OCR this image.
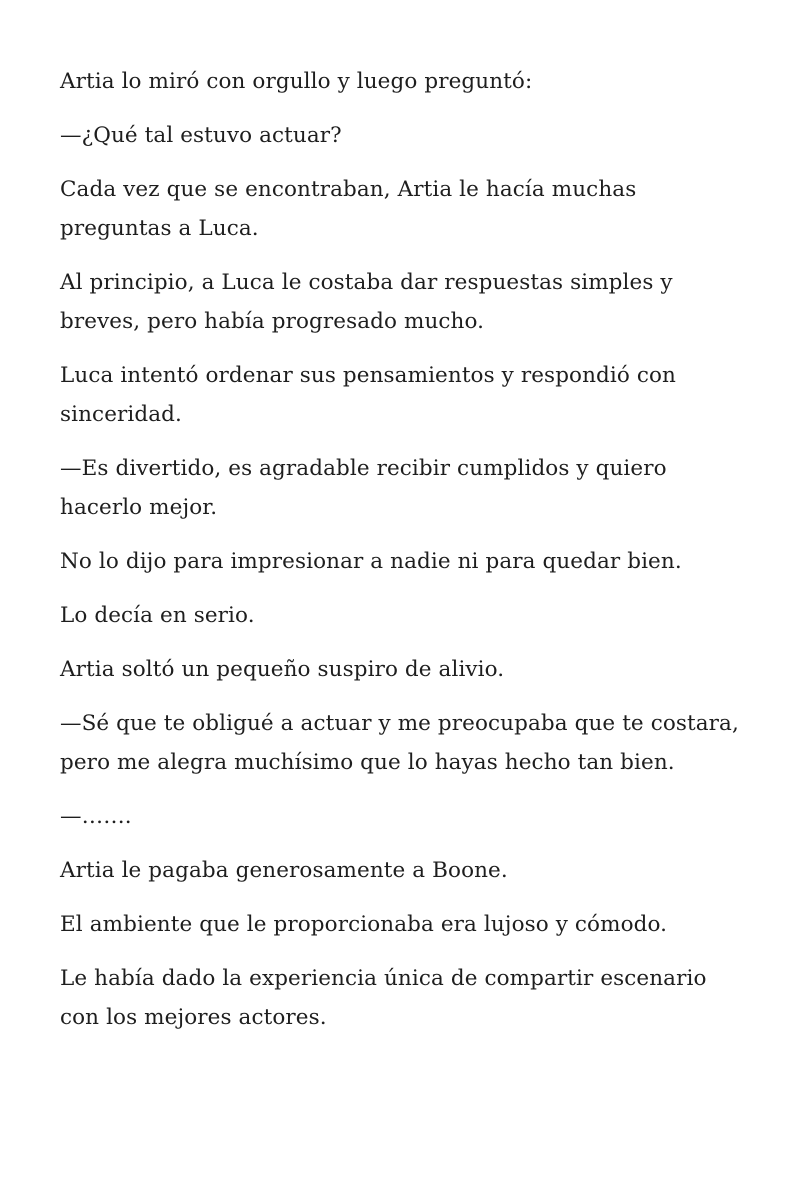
Artia lo miró con orgullo y luego preguntó:

—¿Qué tal estuvo actuar?

Cada vez que se encontraban, Artia le hacía muchas preguntas a Luca.

Al principio, a Luca le costaba dar respuestas simples y breves, pero había progresado mucho.

Luca intentó ordenar sus pensamientos y respondió con sinceridad.

—Es divertido, es agradable recibir cumplidos y quiero hacerlo mejor.

No lo dijo para impresionar a nadie ni para quedar bien.

Lo decía en serio.

Artia soltó un pequeño suspiro de alivio.

—Sé que te obligué a actuar y me preocupaba que te costara, pero me alegra muchísimo que lo hayas hecho tan bien.

—…….

Artia le pagaba generosamente a Boone.

El ambiente que le proporcionaba era lujoso y cómodo.

Le había dado la experiencia única de compartir escenario con los mejores actores.
